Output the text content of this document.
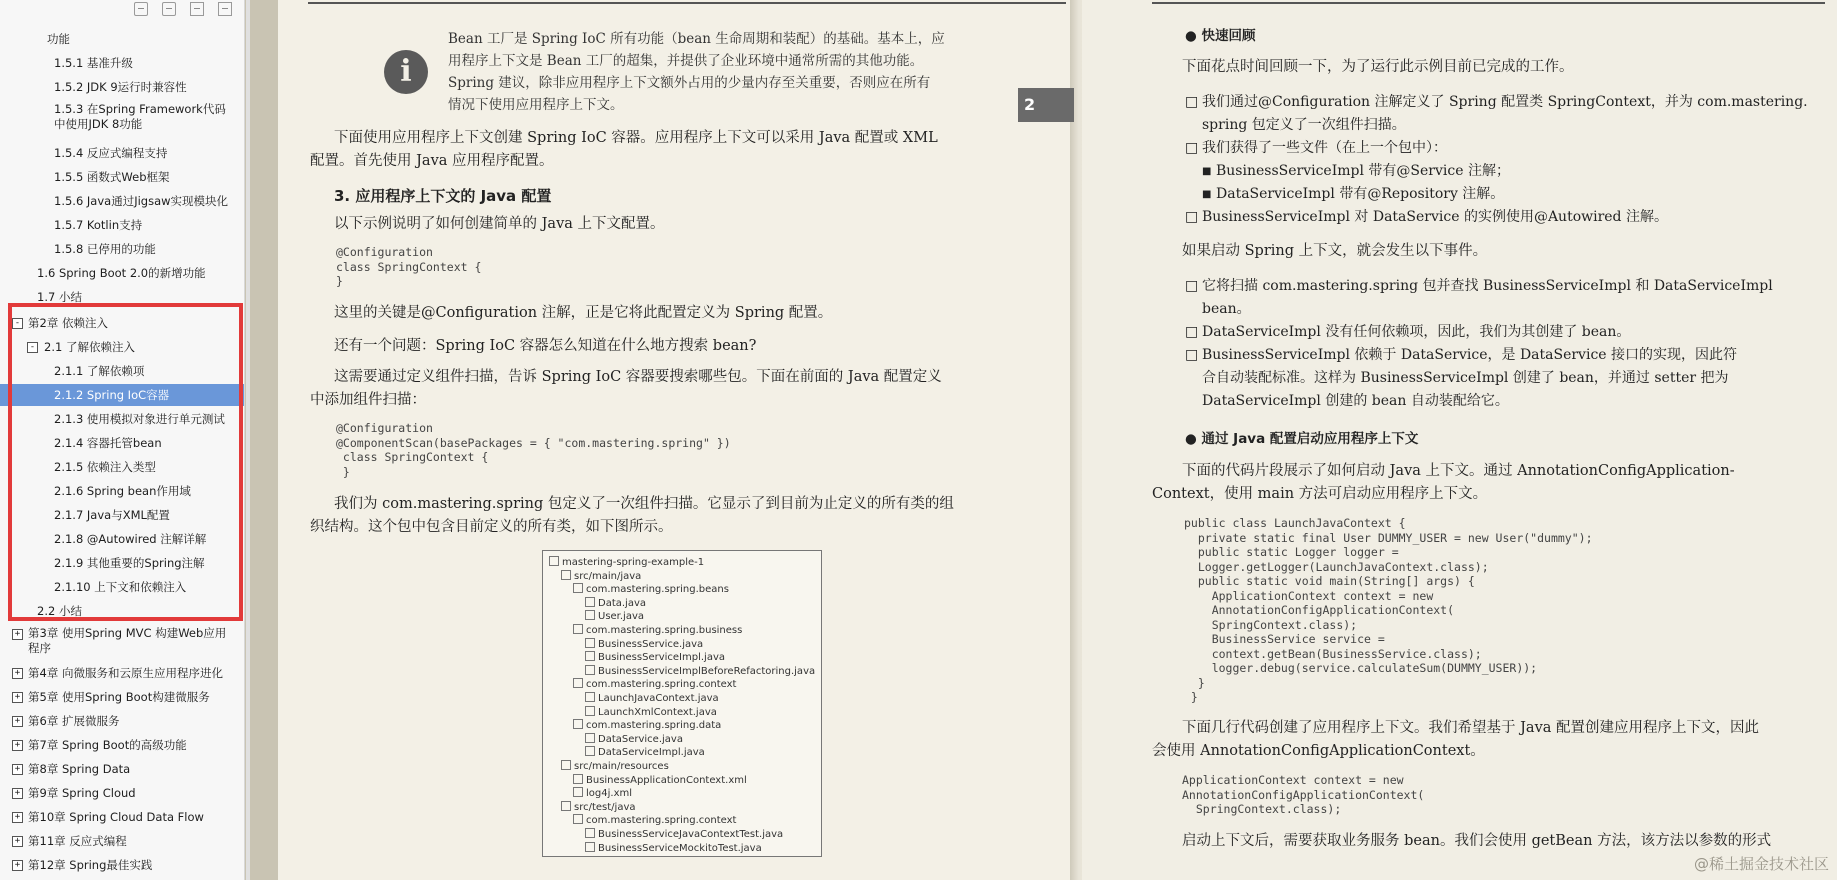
功能
1.5.1 基准升级
1.5.2 JDK 9运行时兼容性
1.5.3 在Spring Framework代码中使用JDK 8功能
1.5.4 反应式编程支持
1.5.5 函数式Web框架
1.5.6 Java通过Jigsaw实现模块化
1.5.7 Kotlin支持
1.5.8 已停用的功能
1.6 Spring Boot 2.0的新增功能
1.7 小结
- 第2章 依赖注入
- 2.1 了解依赖注入
2.1.1 了解依赖项
2.1.2 Spring IoC容器
2.1.3 使用模拟对象进行单元测试
2.1.4 容器托管bean
2.1.5 依赖注入类型
2.1.6 Spring bean作用域
2.1.7 Java与XML配置
2.1.8 @Autowired 注解详解
2.1.9 其他重要的Spring注解
2.1.10 上下文和依赖注入
2.2 小结
+ 第3章 使用Spring MVC 构建Web应用程序
+ 第4章 向微服务和云原生应用程序进化
+ 第5章 使用Spring Boot构建微服务
+ 第6章 扩展微服务
+ 第7章 Spring Boot的高级功能
+ 第8章 Spring Data
+ 第9章 Spring Cloud
+ 第10章 Spring Cloud Data Flow
+ 第11章 反应式编程
+ 第12章 Spring最佳实践
i
Bean 工厂是 Spring IoC 所有功能（bean 生命周期和装配）的基础。基本上，应
用程序上下文是 Bean 工厂的超集，并提供了企业环境中通常所需的其他功能。
Spring 建议，除非应用程序上下文额外占用的少量内存至关重要，否则应在所有
情况下使用应用程序上下文。
下面使用应用程序上下文创建 Spring IoC 容器。应用程序上下文可以采用 Java 配置或 XML
配置。首先使用 Java 应用程序配置。
3. 应用程序上下文的 Java 配置
以下示例说明了如何创建简单的 Java 上下文配置。
@Configuration
class SpringContext {
}
这里的关键是@Configuration 注解，正是它将此配置定义为 Spring 配置。
还有一个问题：Spring IoC 容器怎么知道在什么地方搜索 bean?
这需要通过定义组件扫描，告诉 Spring IoC 容器要搜索哪些包。下面在前面的 Java 配置定义
中添加组件扫描：
@Configuration
@ComponentScan(basePackages = { "com.mastering.spring" })
class SpringContext {
}
我们为 com.mastering.spring 包定义了一次组件扫描。它显示了到目前为止定义的所有类的组
织结构。这个包中包含目前定义的所有类，如下图所示。
mastering-spring-example-1
src/main/java
com.mastering.spring.beans
Data.java
User.java
com.mastering.spring.business
BusinessService.java
BusinessServiceImpl.java
BusinessServiceImplBeforeRefactoring.java
com.mastering.spring.context
LaunchJavaContext.java
LaunchXmlContext.java
com.mastering.spring.data
DataService.java
DataServiceImpl.java
src/main/resources
BusinessApplicationContext.xml
log4j.xml
src/test/java
com.mastering.spring.context
BusinessServiceJavaContextTest.java
BusinessServiceMockitoTest.java
2
● 快速回顾
下面花点时间回顾一下，为了运行此示例目前已完成的工作。
□ 我们通过@Configuration 注解定义了 Spring 配置类 SpringContext，并为 com.mastering.
spring 包定义了一次组件扫描。
□ 我们获得了一些文件（在上一个包中）：
■ BusinessServiceImpl 带有@Service 注解；
■ DataServiceImpl 带有@Repository 注解。
□ BusinessServiceImpl 对 DataService 的实例使用@Autowired 注解。
如果启动 Spring 上下文，就会发生以下事件。
□ 它将扫描 com.mastering.spring 包并查找 BusinessServiceImpl 和 DataServiceImpl
bean。
□ DataServiceImpl 没有任何依赖项，因此，我们为其创建了 bean。
□ BusinessServiceImpl 依赖于 DataService，是 DataService 接口的实现，因此符
合自动装配标准。这样为 BusinessServiceImpl 创建了 bean，并通过 setter 把为
DataServiceImpl 创建的 bean 自动装配给它。
● 通过 Java 配置启动应用程序上下文
下面的代码片段展示了如何启动 Java 上下文。通过 AnnotationConfigApplication-
Context，使用 main 方法可启动应用程序上下文。
public class LaunchJavaContext {
private static final User DUMMY_USER = new User("dummy");
public static Logger logger =
Logger.getLogger(LaunchJavaContext.class);
public static void main(String[] args) {
ApplicationContext context = new
AnnotationConfigApplicationContext(
SpringContext.class);
BusinessService service =
context.getBean(BusinessService.class);
logger.debug(service.calculateSum(DUMMY_USER));
}
}
下面几行代码创建了应用程序上下文。我们希望基于 Java 配置创建应用程序上下文，因此
会使用 AnnotationConfigApplicationContext。
ApplicationContext context = new
AnnotationConfigApplicationContext(
SpringContext.class);
启动上下文后，需要获取业务服务 bean。我们会使用 getBean 方法，该方法以参数的形式
@稀土掘金技术社区
